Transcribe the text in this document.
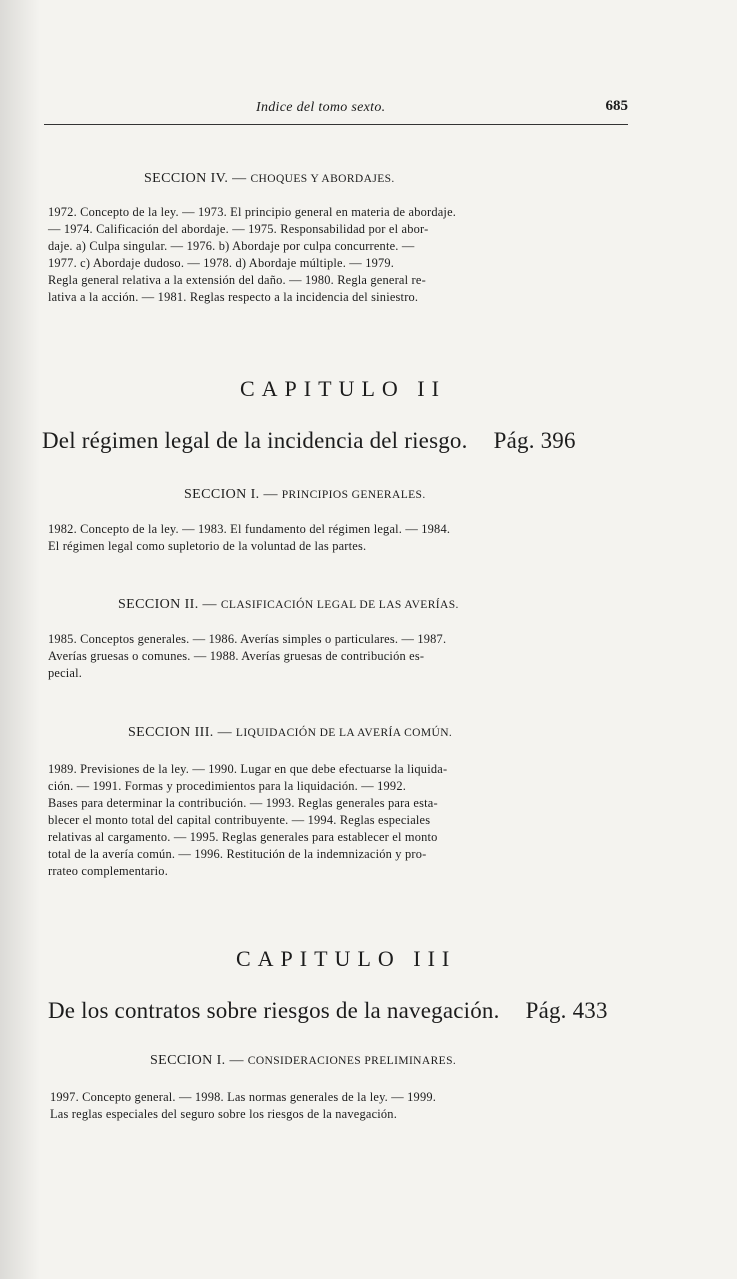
Indice del tomo sexto.	685
SECCION IV. — CHOQUES Y ABORDAJES.
1972. Concepto de la ley. — 1973. El principio general en materia de abordaje.
— 1974. Calificación del abordaje. — 1975. Responsabilidad por el abor-
daje. a) Culpa singular. — 1976. b) Abordaje por culpa concurrente. —
1977. c) Abordaje dudoso. — 1978. d) Abordaje múltiple. — 1979.
Regla general relativa a la extensión del daño. — 1980. Regla general re-
lativa a la acción. — 1981. Reglas respecto a la incidencia del siniestro.
CAPITULO II
Del régimen legal de la incidencia del riesgo. Pág. 396
SECCION I. — PRINCIPIOS GENERALES.
1982. Concepto de la ley. — 1983. El fundamento del régimen legal. — 1984.
El régimen legal como supletorio de la voluntad de las partes.
SECCION II. — CLASIFICACIÓN LEGAL DE LAS AVERÍAS.
1985. Conceptos generales. — 1986. Averías simples o particulares. — 1987.
Averías gruesas o comunes. — 1988. Averías gruesas de contribución es-
pecial.
SECCION III. — LIQUIDACIÓN DE LA AVERÍA COMÚN.
1989. Previsiones de la ley. — 1990. Lugar en que debe efectuarse la liquida-
ción. — 1991. Formas y procedimientos para la liquidación. — 1992.
Bases para determinar la contribución. — 1993. Reglas generales para esta-
blecer el monto total del capital contribuyente. — 1994. Reglas especiales
relativas al cargamento. — 1995. Reglas generales para establecer el monto
total de la avería común. — 1996. Restitución de la indemnización y pro-
rrateo complementario.
CAPITULO III
De los contratos sobre riesgos de la navegación. Pág. 433
SECCION I. — CONSIDERACIONES PRELIMINARES.
1997. Concepto general. — 1998. Las normas generales de la ley. — 1999.
Las reglas especiales del seguro sobre los riesgos de la navegación.
